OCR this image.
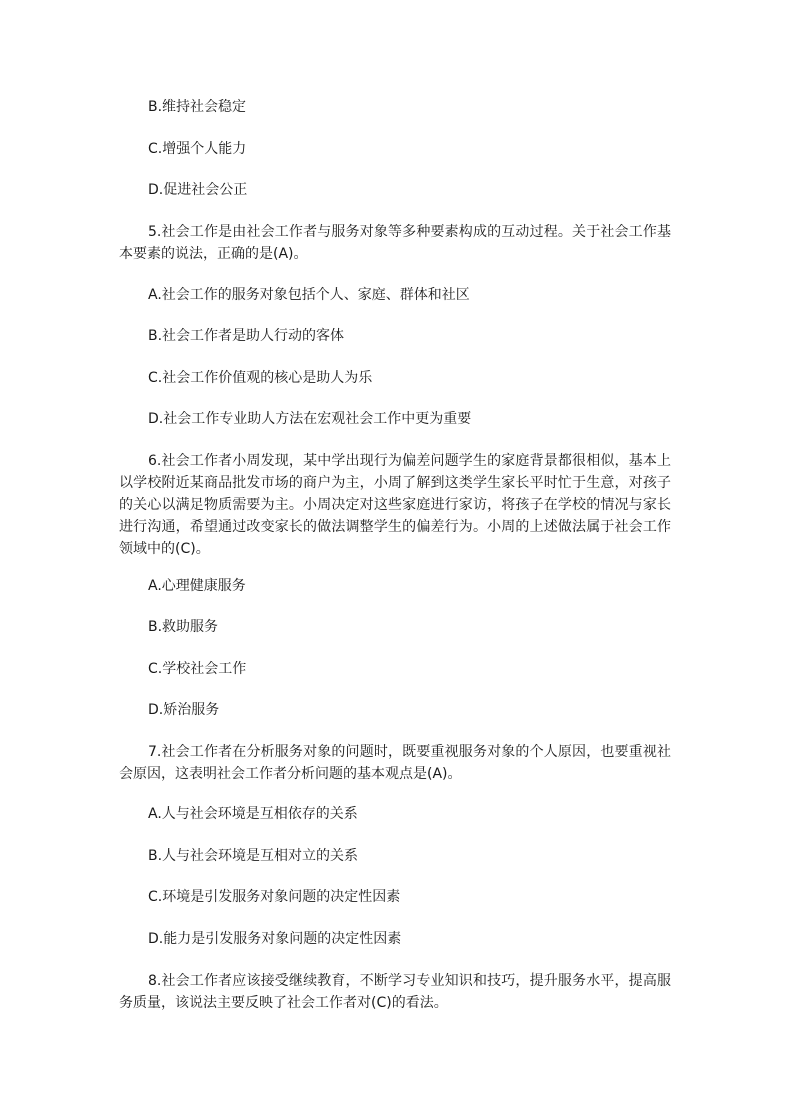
B.维持社会稳定
C.增强个人能力
D.促进社会公正
5.社会工作是由社会工作者与服务对象等多种要素构成的互动过程。关于社会工作基本要素的说法，正确的是(A)。
A.社会工作的服务对象包括个人、家庭、群体和社区
B.社会工作者是助人行动的客体
C.社会工作价值观的核心是助人为乐
D.社会工作专业助人方法在宏观社会工作中更为重要
6.社会工作者小周发现，某中学出现行为偏差问题学生的家庭背景都很相似，基本上以学校附近某商品批发市场的商户为主，小周了解到这类学生家长平时忙于生意，对孩子的关心以满足物质需要为主。小周决定对这些家庭进行家访，将孩子在学校的情况与家长进行沟通，希望通过改变家长的做法调整学生的偏差行为。小周的上述做法属于社会工作领域中的(C)。
A.心理健康服务
B.救助服务
C.学校社会工作
D.矫治服务
7.社会工作者在分析服务对象的问题时，既要重视服务对象的个人原因，也要重视社会原因，这表明社会工作者分析问题的基本观点是(A)。
A.人与社会环境是互相依存的关系
B.人与社会环境是互相对立的关系
C.环境是引发服务对象问题的决定性因素
D.能力是引发服务对象问题的决定性因素
8.社会工作者应该接受继续教育，不断学习专业知识和技巧，提升服务水平，提高服务质量，该说法主要反映了社会工作者对(C)的看法。
